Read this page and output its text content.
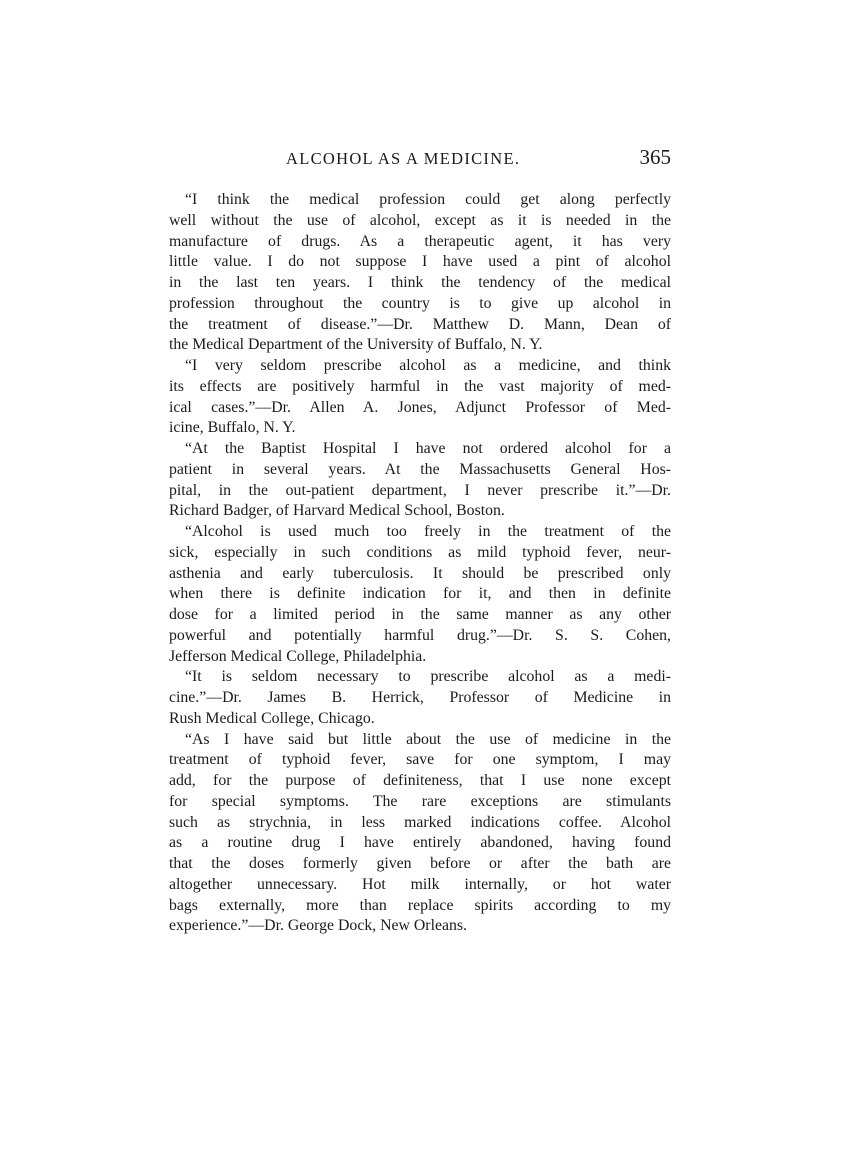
ALCOHOL AS A MEDICINE.	365
“I think the medical profession could get along perfectly
well without the use of alcohol, except as it is needed in the
manufacture of drugs. As a therapeutic agent, it has very
little value. I do not suppose I have used a pint of alcohol
in the last ten years. I think the tendency of the medical
profession throughout the country is to give up alcohol in
the treatment of disease.”—Dr. Matthew D. Mann, Dean of
the Medical Department of the University of Buffalo, N. Y.
“I very seldom prescribe alcohol as a medicine, and think
its effects are positively harmful in the vast majority of med-
ical cases.”—Dr. Allen A. Jones, Adjunct Professor of Med-
icine, Buffalo, N. Y.
“At the Baptist Hospital I have not ordered alcohol for a
patient in several years. At the Massachusetts General Hos-
pital, in the out-patient department, I never prescribe it.”—Dr.
Richard Badger, of Harvard Medical School, Boston.
“Alcohol is used much too freely in the treatment of the
sick, especially in such conditions as mild typhoid fever, neur-
asthenia and early tuberculosis. It should be prescribed only
when there is definite indication for it, and then in definite
dose for a limited period in the same manner as any other
powerful and potentially harmful drug.”—Dr. S. S. Cohen,
Jefferson Medical College, Philadelphia.
“It is seldom necessary to prescribe alcohol as a medi-
cine.”—Dr. James B. Herrick, Professor of Medicine in
Rush Medical College, Chicago.
“As I have said but little about the use of medicine in the
treatment of typhoid fever, save for one symptom, I may
add, for the purpose of definiteness, that I use none except
for special symptoms. The rare exceptions are stimulants
such as strychnia, in less marked indications coffee. Alcohol
as a routine drug I have entirely abandoned, having found
that the doses formerly given before or after the bath are
altogether unnecessary. Hot milk internally, or hot water
bags externally, more than replace spirits according to my
experience.”—Dr. George Dock, New Orleans.
